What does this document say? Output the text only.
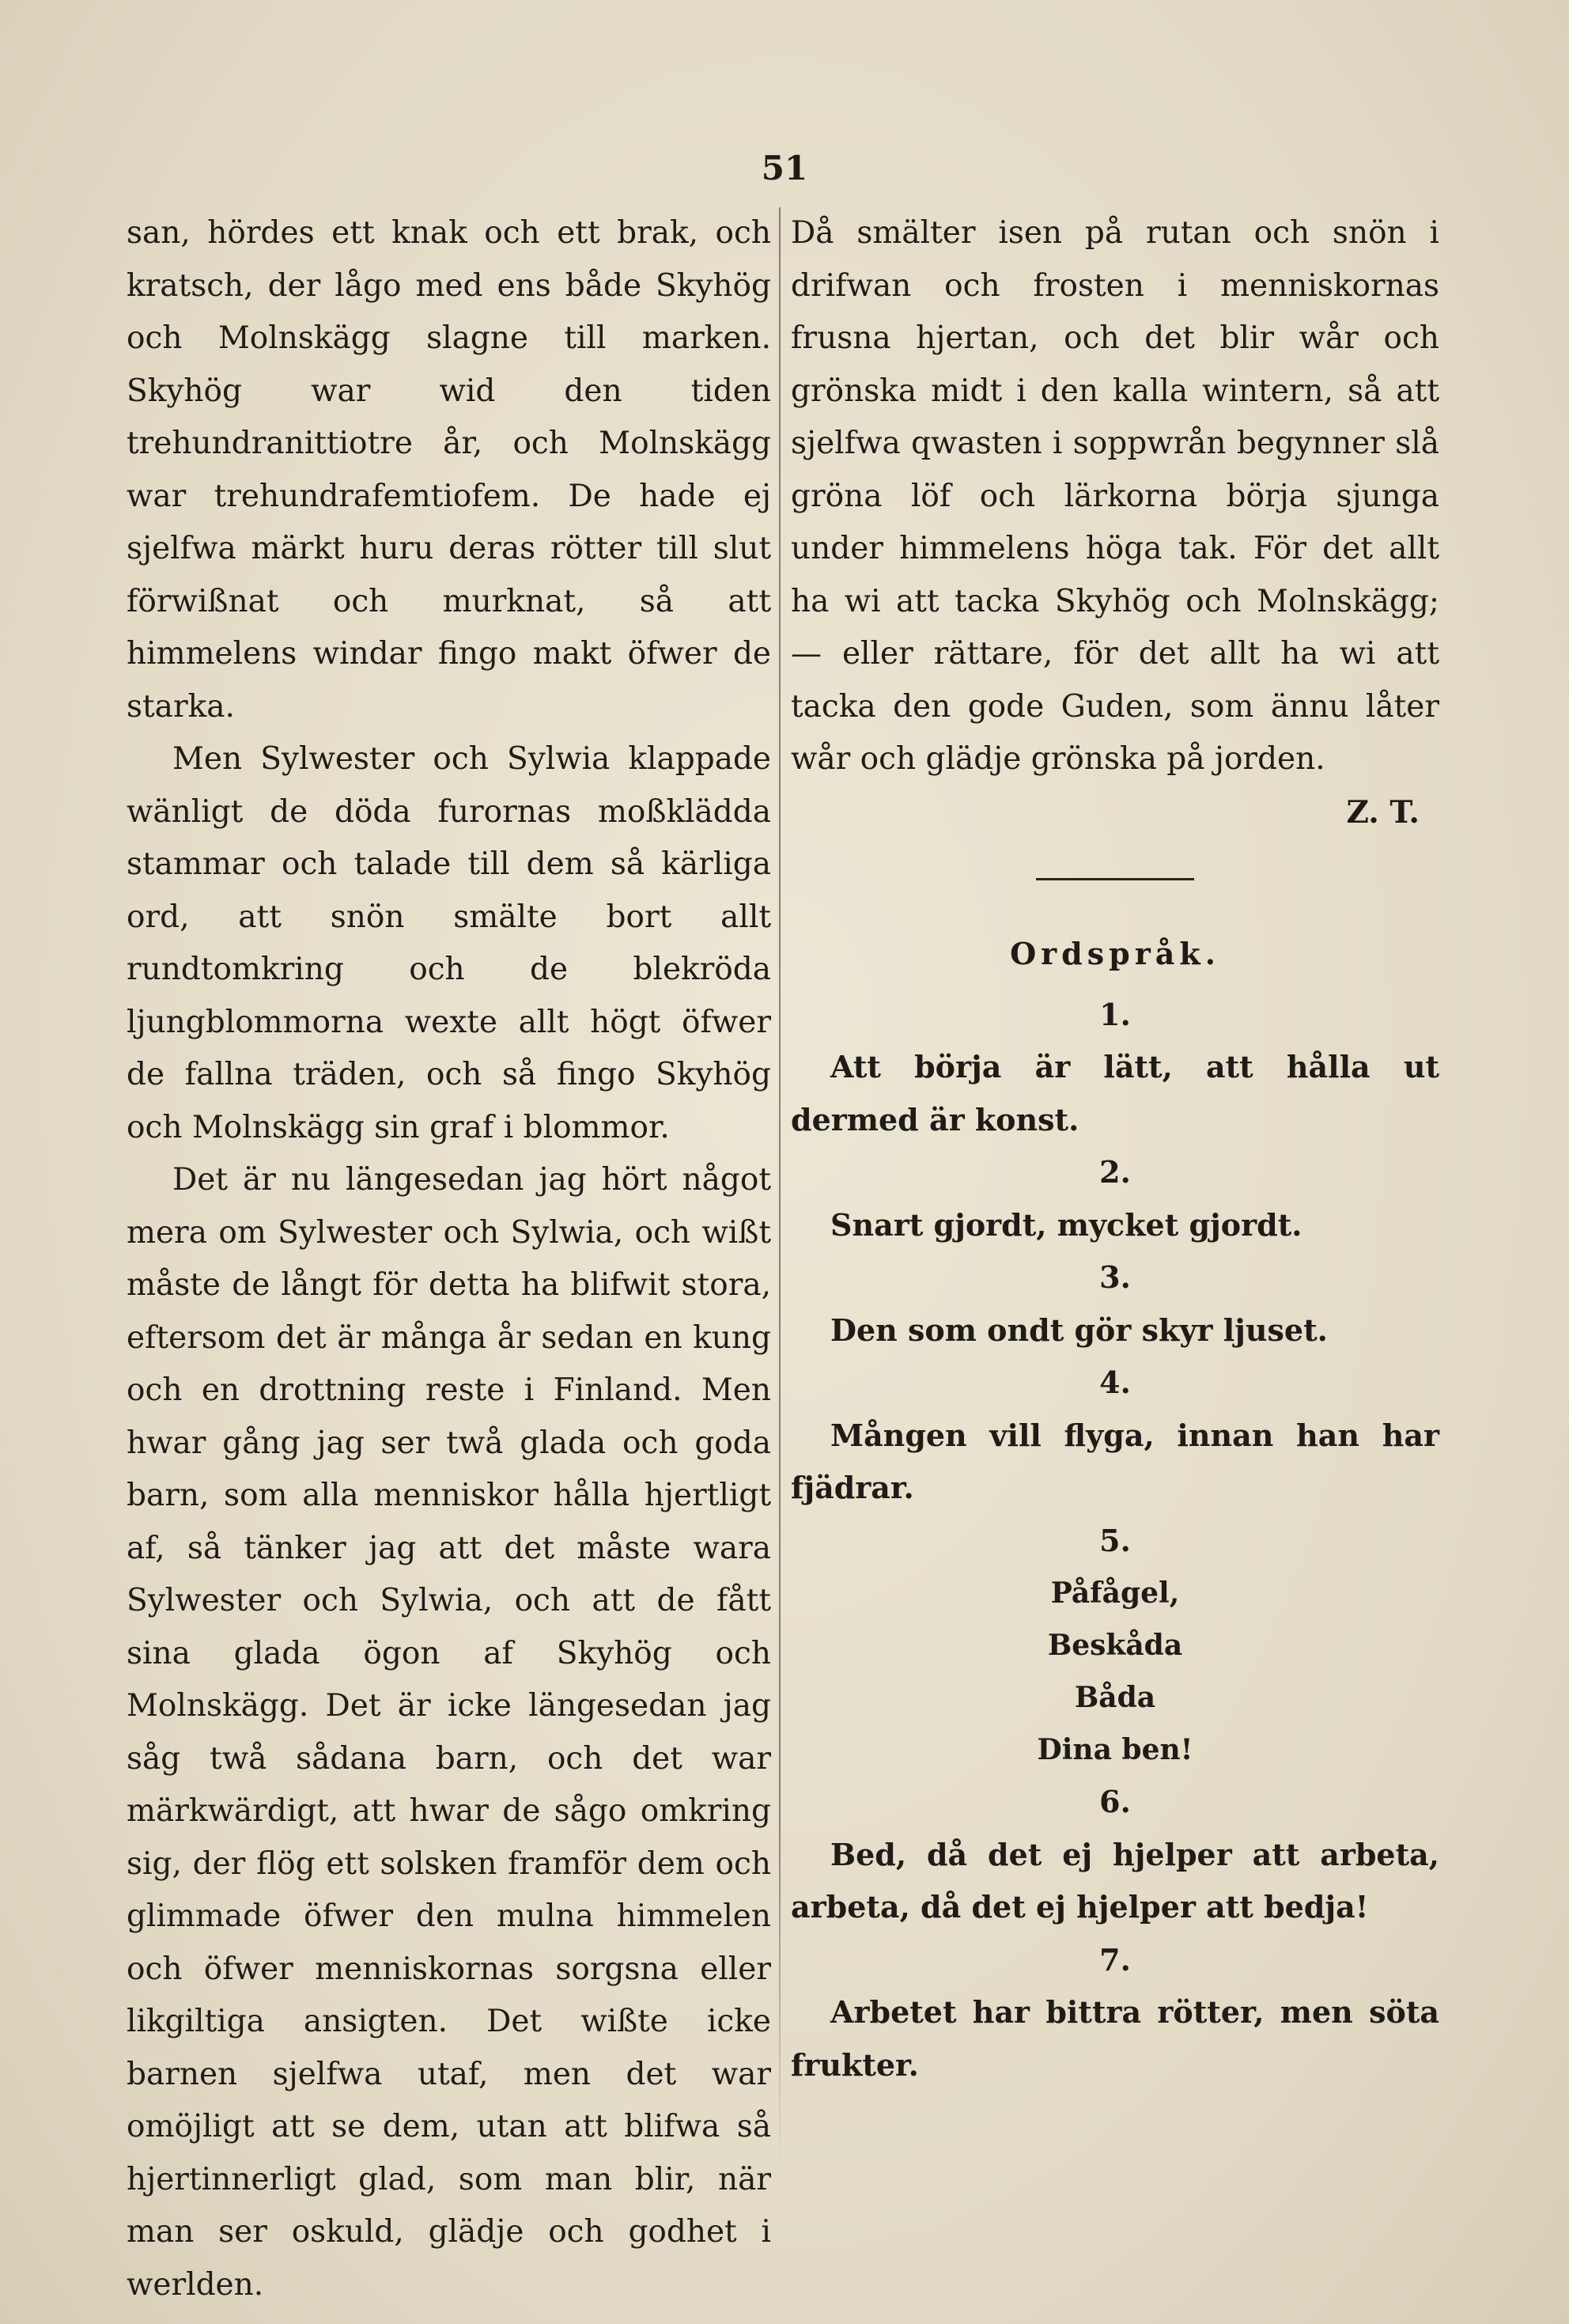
51

san, hördes ett knak och ett brak, och kratsch, der lågo med ens både Skyhög och Molnskägg slagne till marken. Skyhög war wid den tiden trehundranittiotre år, och Molnskägg war trehundrafemtiofem. De hade ej sjelfwa märkt huru deras rötter till slut förwißnat och murknat, så att himmelens windar fingo makt öfwer de starka.

Men Sylwester och Sylwia klappade wänligt de döda furornas moßklädda stammar och talade till dem så kärliga ord, att snön smälte bort allt rundtomkring och de blekröda ljungblommorna wexte allt högt öfwer de fallna träden, och så fingo Skyhög och Molnskägg sin graf i blommor.

Det är nu längesedan jag hört något mera om Sylwester och Sylwia, och wißt måste de långt för detta ha blifwit stora, eftersom det är många år sedan en kung och en drottning reste i Finland. Men hwar gång jag ser twå glada och goda barn, som alla menniskor hålla hjertligt af, så tänker jag att det måste wara Sylwester och Sylwia, och att de fått sina glada ögon af Skyhög och Molnskägg. Det är icke längesedan jag såg twå sådana barn, och det war märkwärdigt, att hwar de sågo omkring sig, der flög ett solsken framför dem och glimmade öfwer den mulna himmelen och öfwer menniskornas sorgsna eller likgiltiga ansigten. Det wißte icke barnen sjelfwa utaf, men det war omöjligt att se dem, utan att blifwa så hjertinnerligt glad, som man blir, när man ser oskuld, glädje och godhet i werlden.

Då smälter isen på rutan och snön i drifwan och frosten i menniskornas frusna hjertan, och det blir wår och grönska midt i den kalla wintern, så att sjelfwa qwasten i soppwrån begynner slå gröna löf och lärkorna börja sjunga under himmelens höga tak. För det allt ha wi att tacka Skyhög och Molnskägg; — eller rättare, för det allt ha wi att tacka den gode Guden, som ännu låter wår och glädje grönska på jorden.

Z. T.

Ordspråk.
1.

Att börja är lätt, att hålla ut dermed är konst.

2.

Snart gjordt, mycket gjordt.

3.

Den som ondt gör skyr ljuset.

4.

Mången vill flyga, innan han har fjädrar.

5.
Påfågel,
Beskåda
Båda
Dina ben!
6.

Bed, då det ej hjelper att arbeta, arbeta, då det ej hjelper att bedja!

7.

Arbetet har bittra rötter, men söta frukter.
